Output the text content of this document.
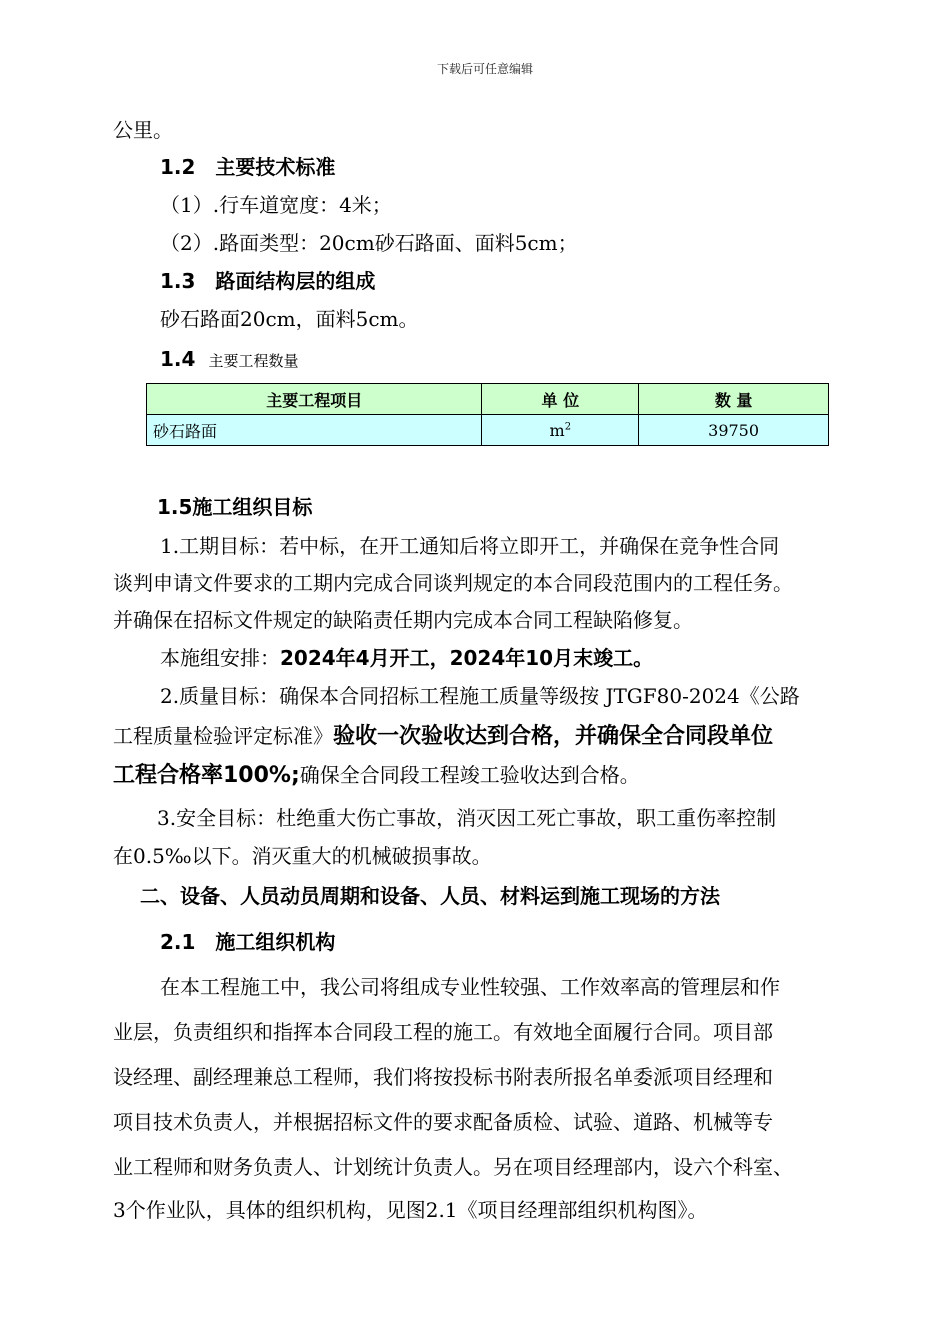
下载后可任意编辑
公里。
1.2　主要技术标准
（1）.行车道宽度：4米；
（2）.路面类型：20cm砂石路面、面料5cm；
1.3　路面结构层的组成
砂石路面20cm，面料5cm。
1.4 主要工程数量
主要工程项目	单 位	数 量
砂石路面	$m^2$	39750
1.5施工组织目标
1.工期目标：若中标，在开工通知后将立即开工，并确保在竞争性合同
谈判申请文件要求的工期内完成合同谈判规定的本合同段范围内的工程任务。
并确保在招标文件规定的缺陷责任期内完成本合同工程缺陷修复。
本施组安排：2024年4月开工，2024年10月末竣工。
2.质量目标：确保本合同招标工程施工质量等级按 JTGF80-2024《公路
工程质量检验评定标准》验收一次验收达到合格，并确保全合同段单位
工程合格率100%;确保全合同段工程竣工验收达到合格。
3.安全目标：杜绝重大伤亡事故，消灭因工死亡事故，职工重伤率控制
在0.5‰以下。消灭重大的机械破损事故。
二、设备、人员动员周期和设备、人员、材料运到施工现场的方法
2.1　施工组织机构
在本工程施工中，我公司将组成专业性较强、工作效率高的管理层和作
业层，负责组织和指挥本合同段工程的施工。有效地全面履行合同。项目部
设经理、副经理兼总工程师，我们将按投标书附表所报名单委派项目经理和
项目技术负责人，并根据招标文件的要求配备质检、试验、道路、机械等专
业工程师和财务负责人、计划统计负责人。另在项目经理部内，设六个科室、
3个作业队，具体的组织机构，见图2.1《项目经理部组织机构图》。
